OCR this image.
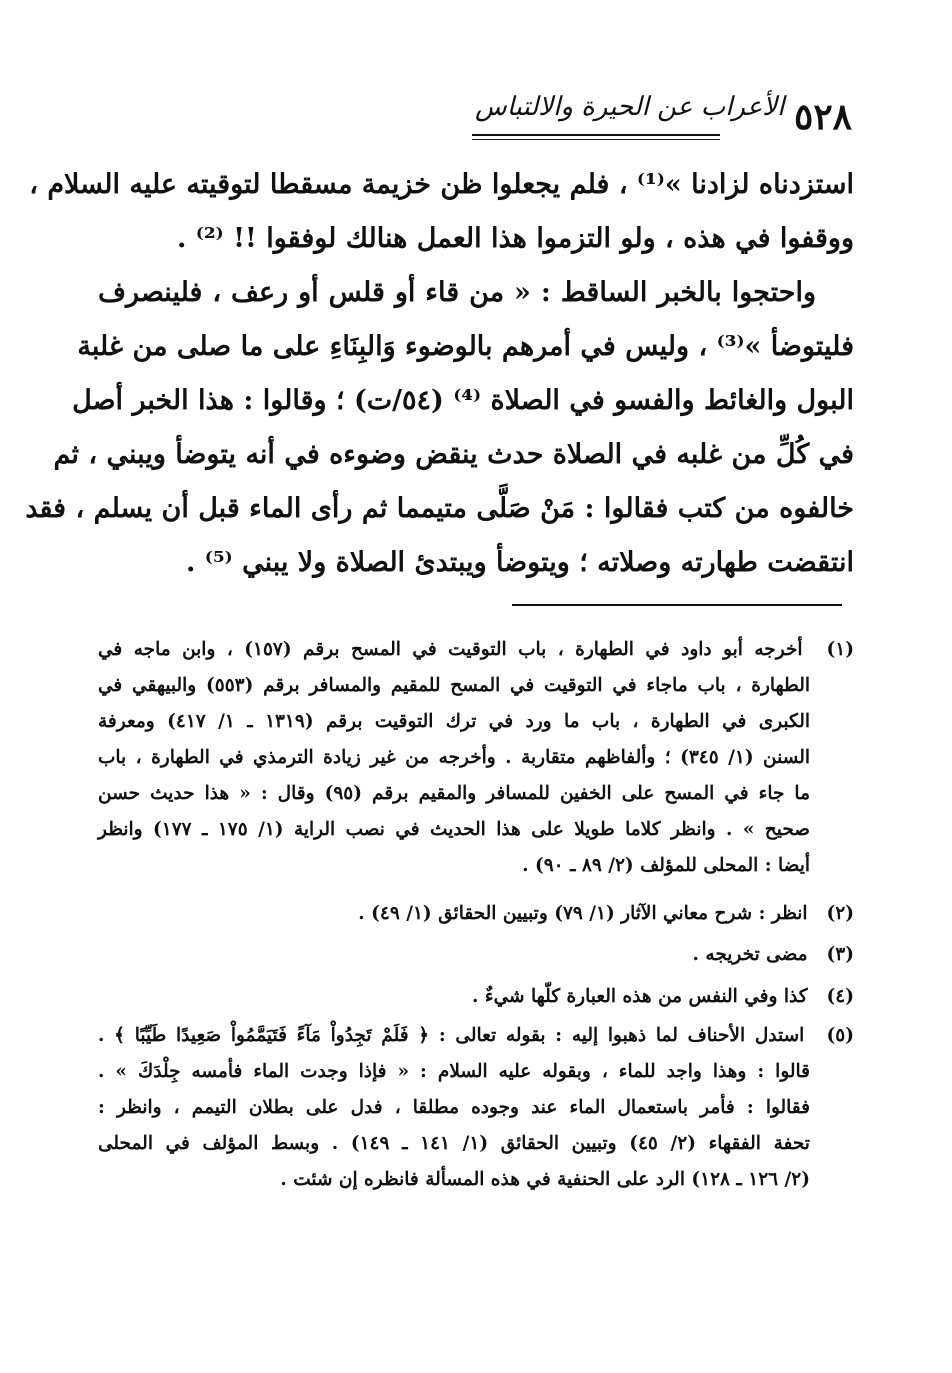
الأعراب عن الحيرة والالتباس ٥٢٨
استزدناه لزادنا »⁽¹⁾ ، فلم يجعلوا ظن خزيمة مسقطا لتوقيته عليه السلام ،
ووقفوا في هذه ، ولو التزموا هذا العمل هنالك لوفقوا !! ⁽²⁾ .
واحتجوا بالخبر الساقط : « من قاء أو قلس أو رعف ، فلينصرف
فليتوضأ »⁽³⁾ ، وليس في أمرهم بالوضوء وَالبِنَاءِ على ما صلى من غلبة
البول والغائط والفسو في الصلاة ⁽⁴⁾ (٥٤/ت) ؛ وقالوا : هذا الخبر أصل
في كُلِّ من غلبه في الصلاة حدث ينقض وضوءه في أنه يتوضأ ويبني ، ثم
خالفوه من كتب فقالوا : مَنْ صَلَّى متيمما ثم رأى الماء قبل أن يسلم ، فقد
انتقضت طهارته وصلاته ؛ ويتوضأ ويبتدئ الصلاة ولا يبني ⁽⁵⁾ .
(١) أخرجه أبو داود في الطهارة ، باب التوقيت في المسح برقم (١٥٧) ، وابن ماجه في
الطهارة ، باب ماجاء في التوقيت في المسح للمقيم والمسافر برقم (٥٥٣) والبيهقي في
الكبرى في الطهارة ، باب ما ورد في ترك التوقيت برقم (١٣١٩ ـ ١/ ٤١٧) ومعرفة
السنن (١/ ٣٤٥) ؛ وألفاظهم متقاربة . وأخرجه من غير زيادة الترمذي في الطهارة ، باب
ما جاء في المسح على الخفين للمسافر والمقيم برقم (٩٥) وقال : « هذا حديث حسن
صحيح » . وانظر كلاما طويلا على هذا الحديث في نصب الراية (١/ ١٧٥ ـ ١٧٧) وانظر
أيضا : المحلى للمؤلف (٢/ ٨٩ ـ ٩٠) .
(٢) انظر : شرح معاني الآثار (١/ ٧٩) وتبيين الحقائق (١/ ٤٩) .
(٣) مضى تخريجه .
(٤) كذا وفي النفس من هذه العبارة كلّها شيءٌ .
(٥) استدل الأحناف لما ذهبوا إليه : بقوله تعالى : ﴿ فَلَمْ تَجِدُواْ مَآءً فَتَيَمَّمُواْ صَعِيدًا طَيِّبًا ﴾ .
قالوا : وهذا واجد للماء ، وبقوله عليه السلام : « فإذا وجدت الماء فأمسه جِلْدَكَ » .
فقالوا : فأمر باستعمال الماء عند وجوده مطلقا ، فدل على بطلان التيمم ، وانظر :
تحفة الفقهاء (٢/ ٤٥) وتبيين الحقائق (١/ ١٤١ ـ ١٤٩) . وبسط المؤلف في المحلى
(٢/ ١٢٦ ـ ١٢٨) الرد على الحنفية في هذه المسألة فانظره إن شئت .
